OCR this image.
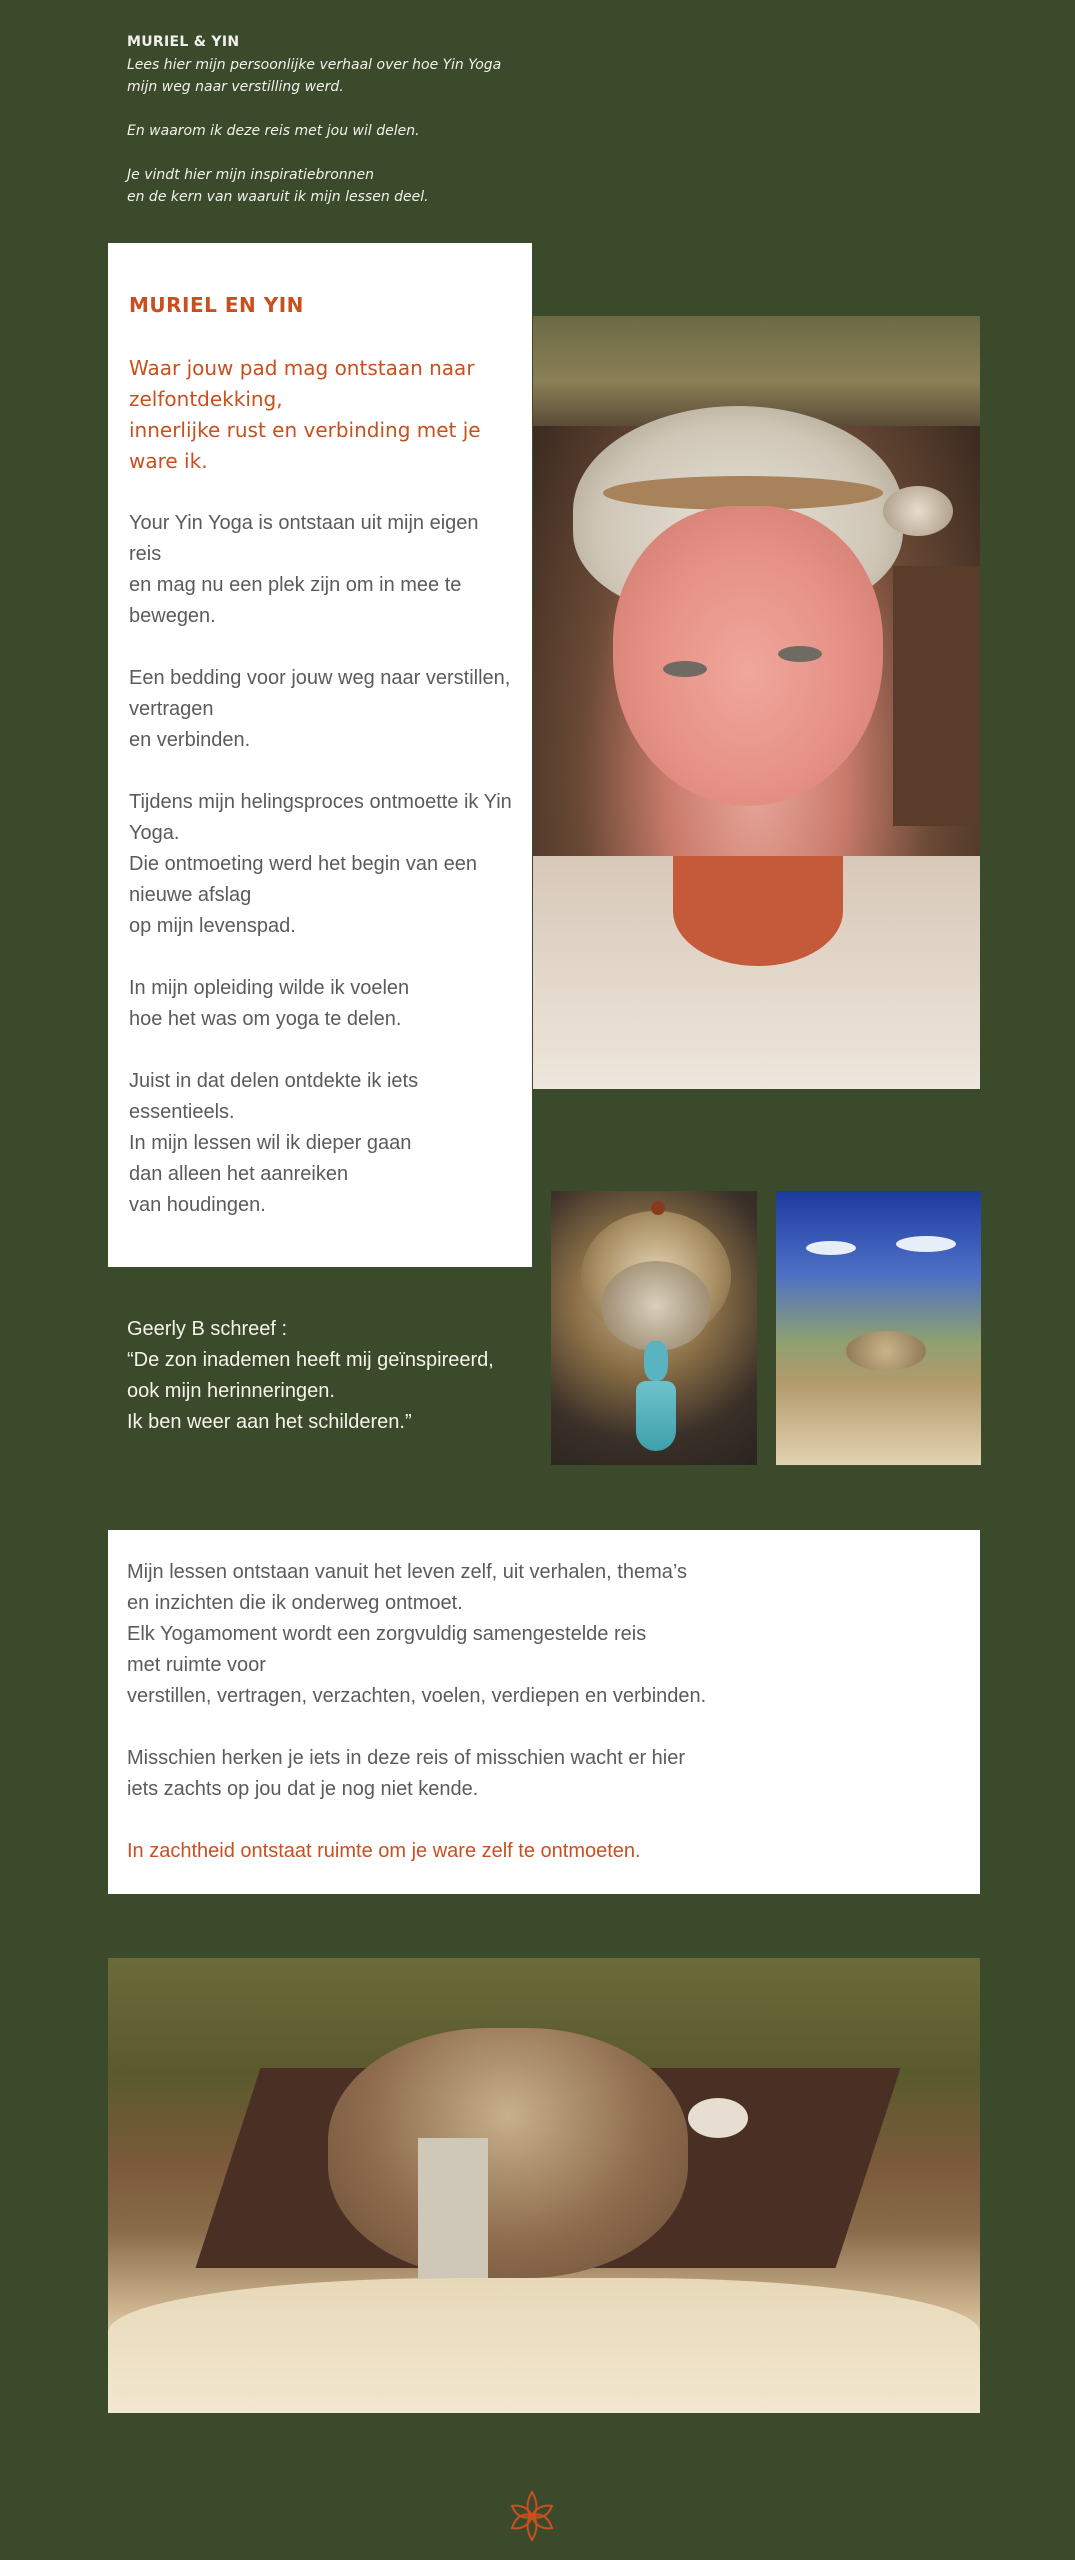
MURIEL & YIN

Lees hier mijn persoonlijke verhaal over hoe Yin Yoga

mijn weg naar verstilling werd.

En waarom ik deze reis met jou wil delen.

Je vindt hier mijn inspiratiebronnen

en de kern van waaruit ik mijn lessen deel.

MURIEL EN YIN
Waar jouw pad mag ontstaan naar zelfontdekking,
innerlijke rust en verbinding met je ware ik.
Your Yin Yoga is ontstaan uit mijn eigen reis
en mag nu een plek zijn om in mee te bewegen.
Een bedding voor jouw weg naar verstillen, vertragen
en verbinden.
Tijdens mijn helingsproces ontmoette ik Yin Yoga.
Die ontmoeting werd het begin van een nieuwe afslag
op mijn levenspad.
In mijn opleiding wilde ik voelen
hoe het was om yoga te delen.
Juist in dat delen ontdekte ik iets essentieels.
In mijn lessen wil ik dieper gaan
dan alleen het aanreiken
van houdingen.

Geerly B schreef :

“De zon inademen heeft mij geïnspireerd,

ook mijn herinneringen.

Ik ben weer aan het schilderen.”

Mijn lessen ontstaan vanuit het leven zelf, uit verhalen, thema’s

en inzichten die ik onderweg ontmoet.

Elk Yogamoment wordt een zorgvuldig samengestelde reis

met ruimte voor

verstillen, vertragen, verzachten, voelen, verdiepen en verbinden.

Misschien herken je iets in deze reis of misschien wacht er hier

iets zachts op jou dat je nog niet kende.

In zachtheid ontstaat ruimte om je ware zelf te ontmoeten.
